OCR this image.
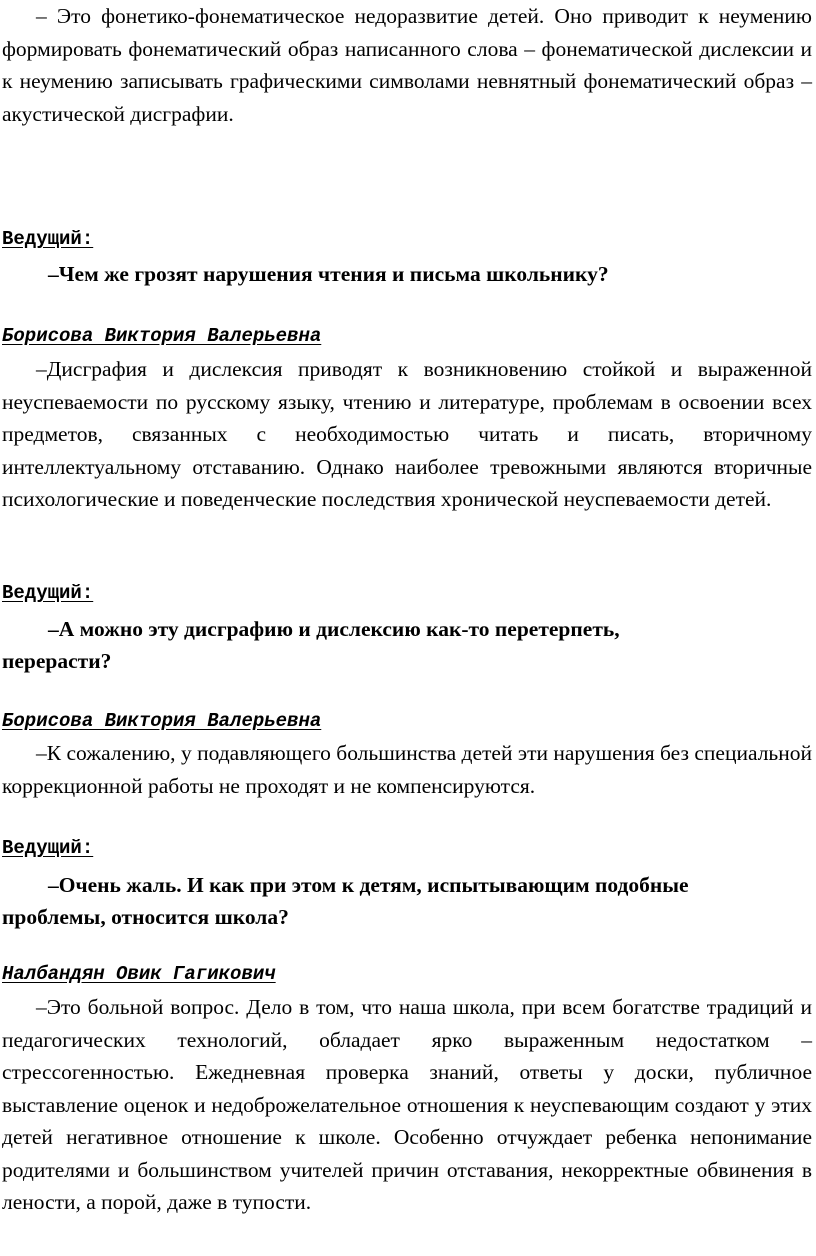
– Это фонетико-фонематическое недоразвитие детей. Оно приводит к неумению формировать фонематический образ написанного слова – фонематической дислексии и к неумению записывать графическими символами невнятный фонематический образ – акустической дисграфии.

Ведущий:

–Чем же грозят нарушения чтения и письма школьнику?

Борисова Виктория Валерьевна

–Дисграфия и дислексия приводят к возникновению стойкой и выраженной неуспеваемости по русскому языку, чтению и литературе, проблемам в освоении всех предметов, связанных с необходимостью читать и писать, вторичному интеллектуальному отставанию. Однако наиболее тревожными являются вторичные психологические и поведенческие последствия хронической неуспеваемости детей.

Ведущий:

–А можно эту дисграфию и дислексию как-то перетерпеть, перерасти?

Борисова Виктория Валерьевна

–К сожалению, у подавляющего большинства детей эти нарушения без специальной коррекционной работы не проходят и не компенсируются.

Ведущий:

–Очень жаль. И как при этом к детям, испытывающим подобные проблемы, относится школа?

Налбандян Овик Гагикович

–Это больной вопрос. Дело в том, что наша школа, при всем богатстве традиций и педагогических технологий, обладает ярко выраженным недостатком – стрессогенностью. Ежедневная проверка знаний, ответы у доски, публичное выставление оценок и недоброжелательное отношения к неуспевающим создают у этих детей негативное отношение к школе. Особенно отчуждает ребенка непонимание родителями и большинством учителей причин отставания, некорректные обвинения в лености, а порой, даже в тупости.
